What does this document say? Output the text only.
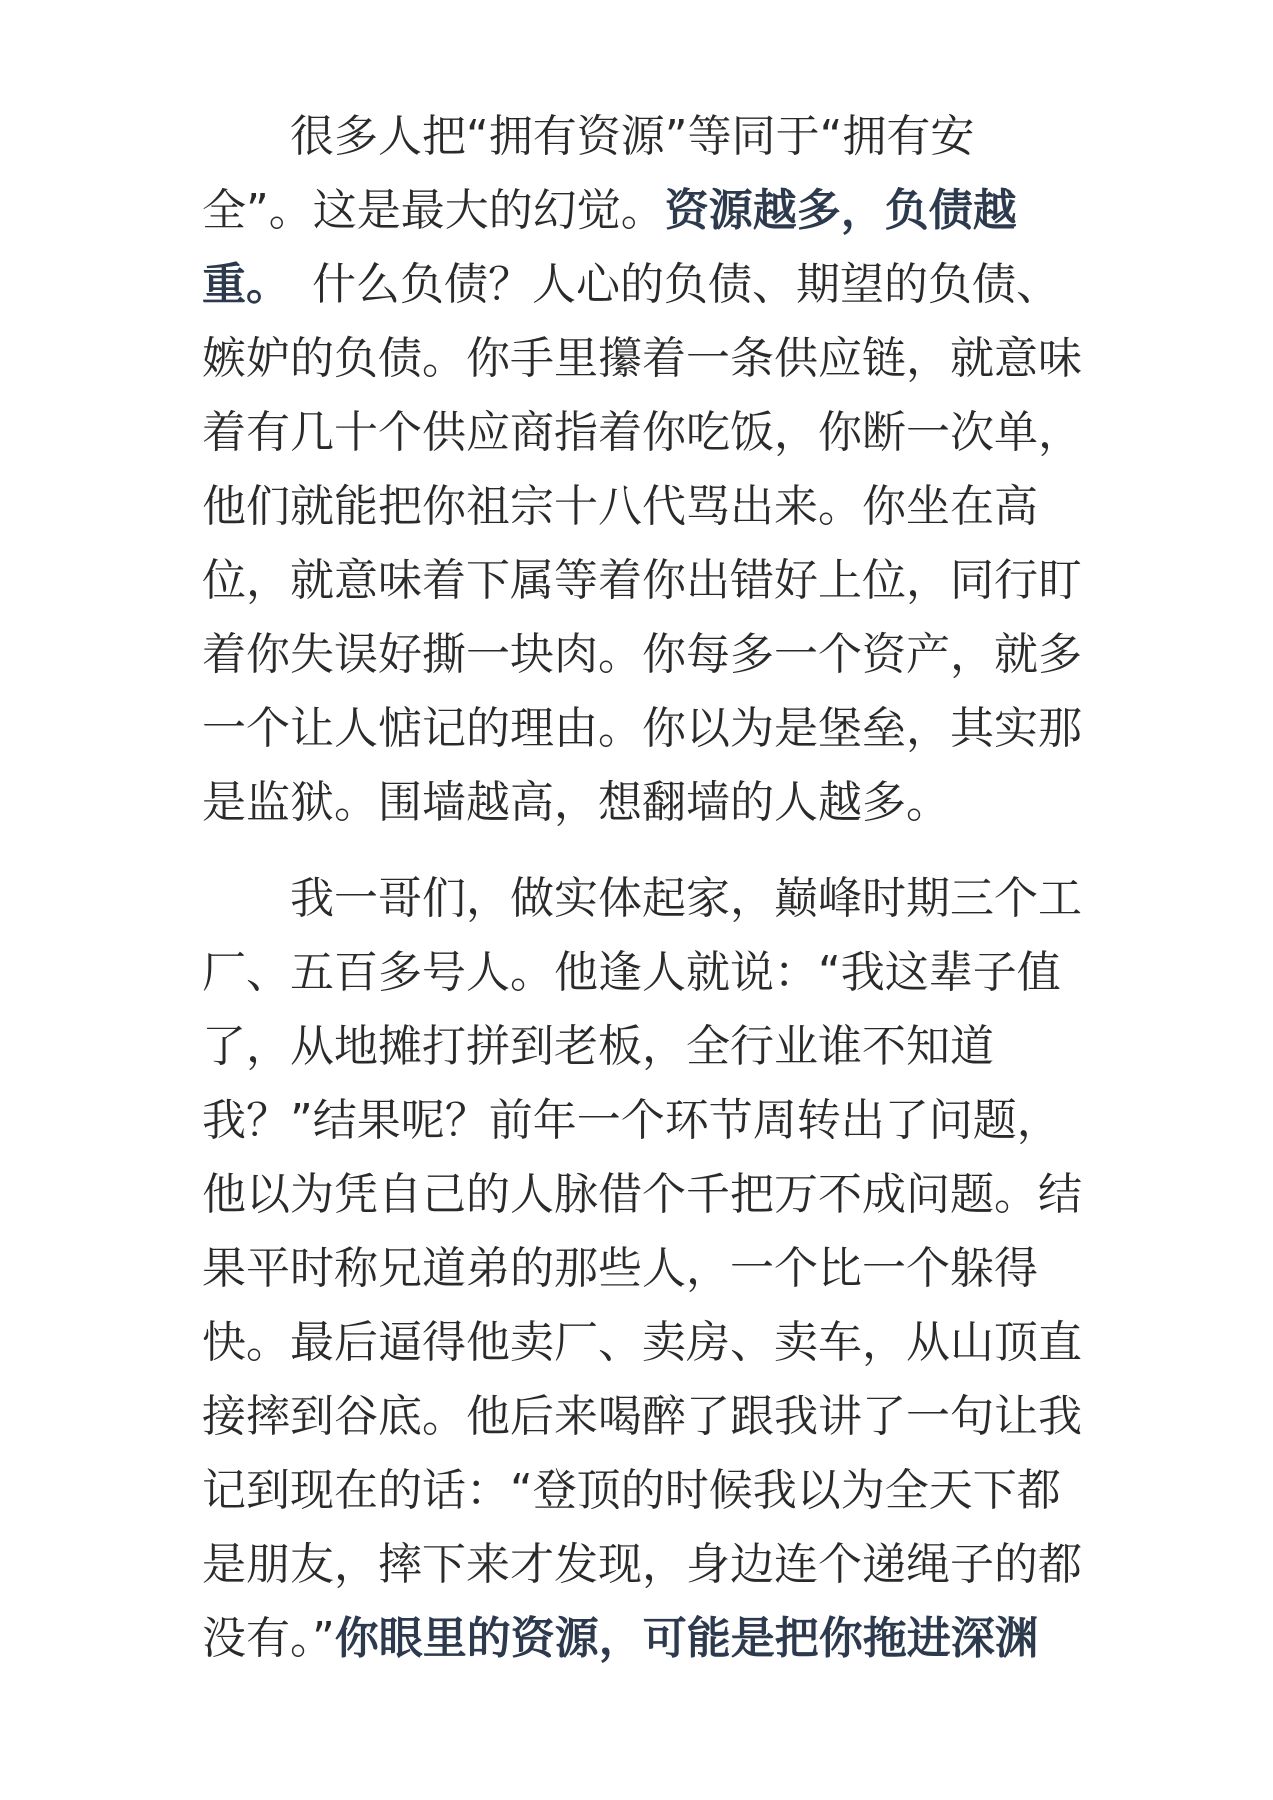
很多人把“拥有资源”等同于“拥有安
全”。这是最大的幻觉。资源越多，负债越
重。　什么负债？人心的负债、期望的负债、
嫉妒的负债。你手里攥着一条供应链，就意味
着有几十个供应商指着你吃饭，你断一次单，
他们就能把你祖宗十八代骂出来。你坐在高
位，就意味着下属等着你出错好上位，同行盯
着你失误好撕一块肉。你每多一个资产，就多
一个让人惦记的理由。你以为是堡垒，其实那
是监狱。围墙越高，想翻墙的人越多。
我一哥们，做实体起家，巅峰时期三个工
厂、五百多号人。他逢人就说：“我这辈子值
了，从地摊打拼到老板，全行业谁不知道
我？”结果呢？前年一个环节周转出了问题，
他以为凭自己的人脉借个千把万不成问题。结
果平时称兄道弟的那些人，一个比一个躲得
快。最后逼得他卖厂、卖房、卖车，从山顶直
接摔到谷底。他后来喝醉了跟我讲了一句让我
记到现在的话：“登顶的时候我以为全天下都
是朋友，摔下来才发现，身边连个递绳子的都
没有。”你眼里的资源，可能是把你拖进深渊
